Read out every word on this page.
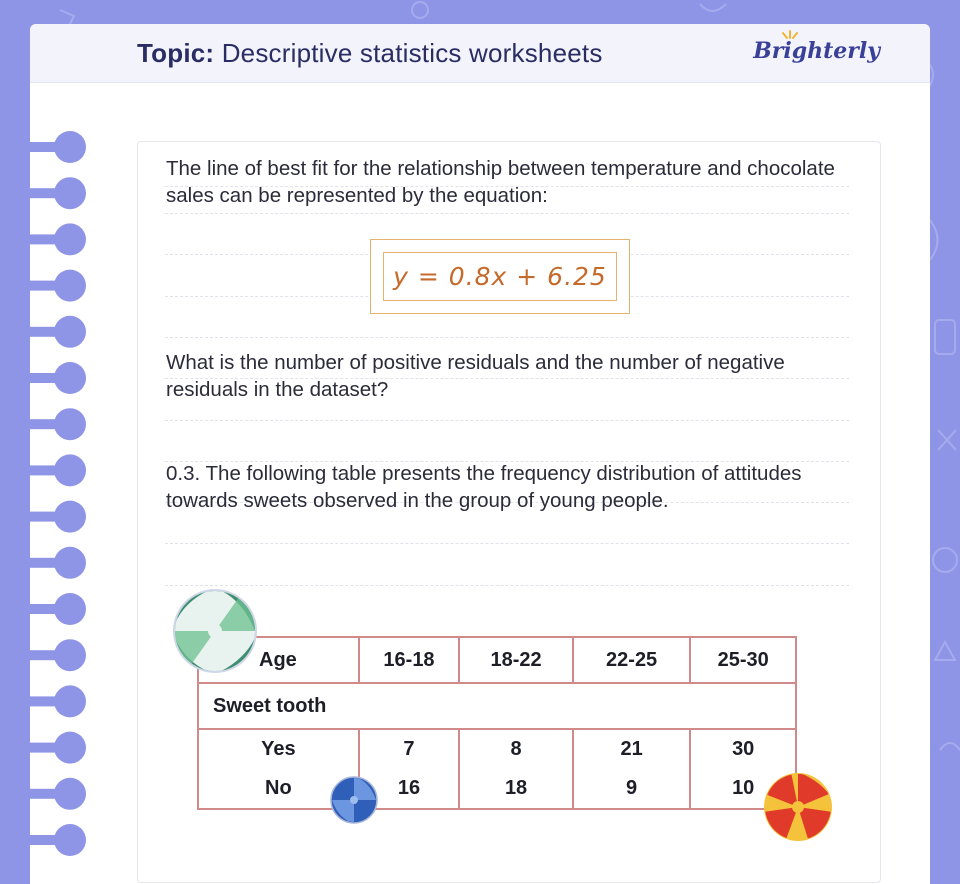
Topic: Descriptive statistics worksheets	Brighterly

The line of best fit for the relationship between temperature and chocolate sales can be represented by the equation:

y = 0.8x + 6.25

What is the number of positive residuals and the number of negative residuals in the dataset?

0.3. The following table presents the frequency distribution of attitudes towards sweets observed in the group of young people.

Age	16-18	18-22	22-25	25-30
Sweet tooth				
Yes	7	8	21	30
No	16	18	9	10
